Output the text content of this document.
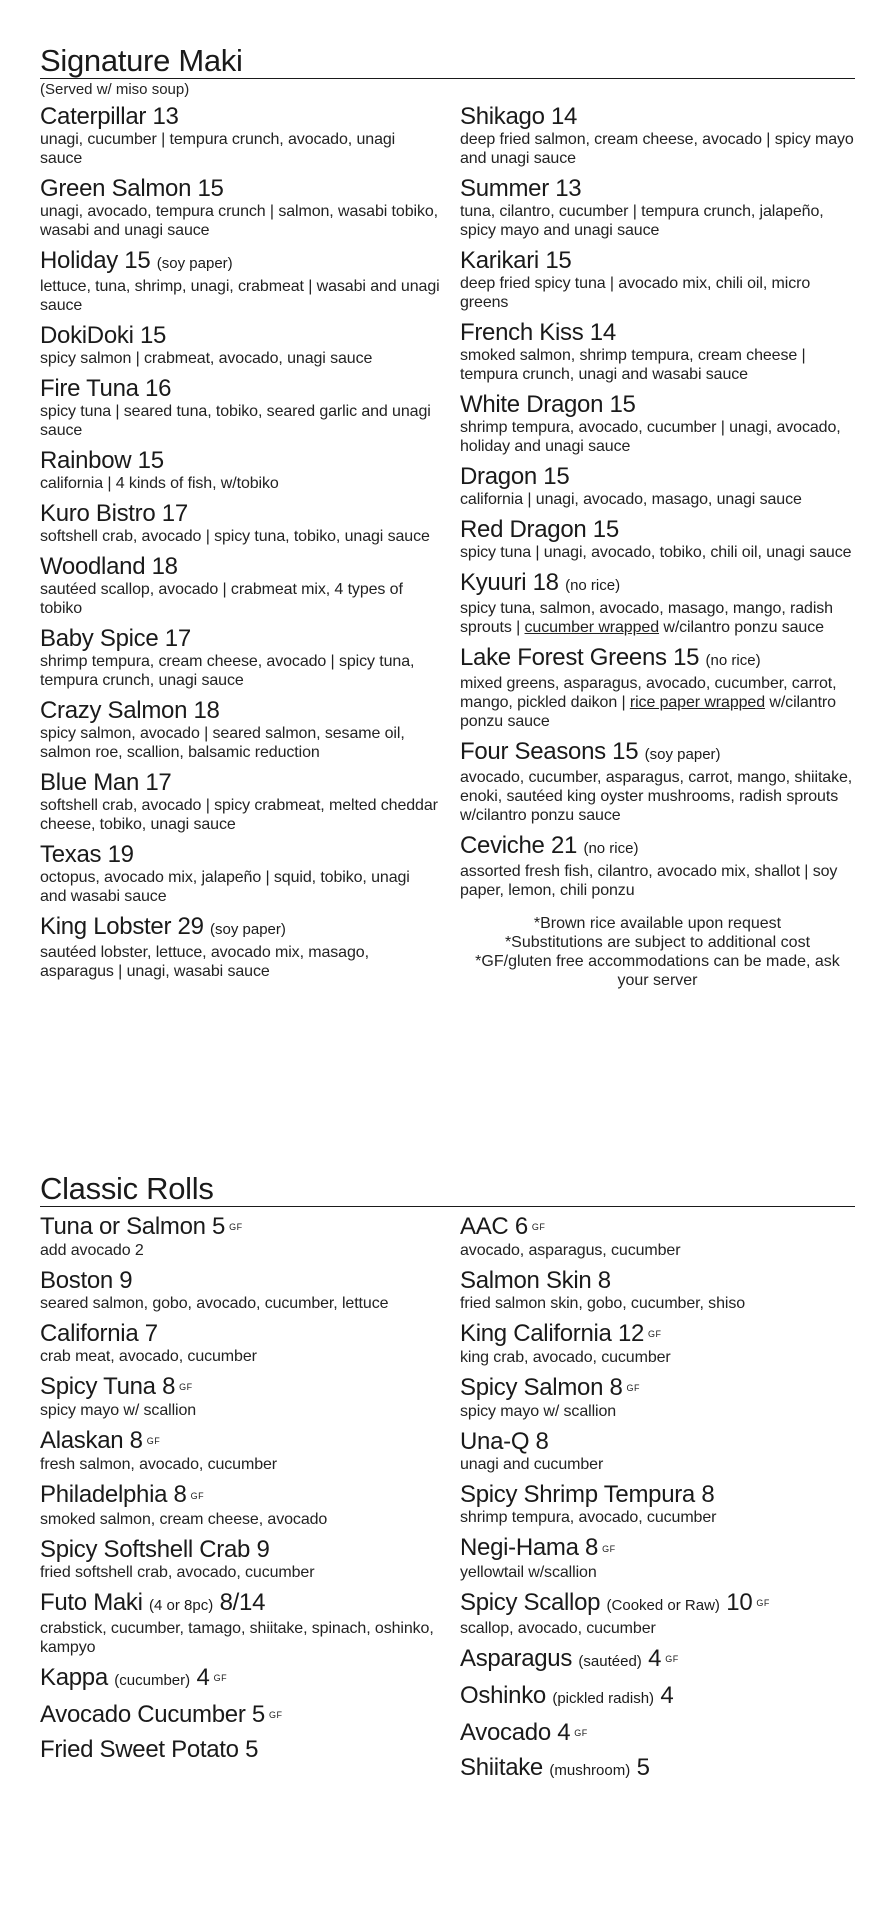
Signature Maki
(Served w/ miso soup)
Caterpillar 13
unagi, cucumber | tempura crunch, avocado, unagi sauce
Green Salmon 15
unagi, avocado, tempura crunch | salmon, wasabi tobiko, wasabi and unagi sauce
Holiday 15 (soy paper)
lettuce, tuna, shrimp, unagi, crabmeat | wasabi and unagi sauce
DokiDoki 15
spicy salmon | crabmeat, avocado, unagi sauce
Fire Tuna 16
spicy tuna | seared tuna, tobiko, seared garlic and unagi sauce
Rainbow 15
california | 4 kinds of fish, w/tobiko
Kuro Bistro 17
softshell crab, avocado | spicy tuna, tobiko, unagi sauce
Woodland 18
sautéed scallop, avocado | crabmeat mix, 4 types of tobiko
Baby Spice 17
shrimp tempura, cream cheese, avocado | spicy tuna, tempura crunch, unagi sauce
Crazy Salmon 18
spicy salmon, avocado | seared salmon, sesame oil, salmon roe, scallion, balsamic reduction
Blue Man 17
softshell crab, avocado | spicy crabmeat, melted cheddar cheese, tobiko, unagi sauce
Texas 19
octopus, avocado mix, jalapeño | squid, tobiko, unagi and wasabi sauce
King Lobster 29 (soy paper)
sautéed lobster, lettuce, avocado mix, masago, asparagus | unagi, wasabi sauce
Shikago 14
deep fried salmon, cream cheese, avocado | spicy mayo and unagi sauce
Summer 13
tuna, cilantro, cucumber | tempura crunch, jalapeño, spicy mayo and unagi sauce
Karikari 15
deep fried spicy tuna | avocado mix, chili oil, micro greens
French Kiss 14
smoked salmon, shrimp tempura, cream cheese | tempura crunch, unagi and wasabi sauce
White Dragon 15
shrimp tempura, avocado, cucumber | unagi, avocado, holiday and unagi sauce
Dragon 15
california | unagi, avocado, masago, unagi sauce
Red Dragon 15
spicy tuna | unagi, avocado, tobiko, chili oil, unagi sauce
Kyuuri 18 (no rice)
spicy tuna, salmon, avocado, masago, mango, radish sprouts | cucumber wrapped w/cilantro ponzu sauce
Lake Forest Greens 15 (no rice)
mixed greens, asparagus, avocado, cucumber, carrot, mango, pickled daikon | rice paper wrapped w/cilantro ponzu sauce
Four Seasons 15 (soy paper)
avocado, cucumber, asparagus, carrot, mango, shiitake, enoki, sautéed king oyster mushrooms, radish sprouts w/cilantro ponzu sauce
Ceviche 21 (no rice)
assorted fresh fish, cilantro, avocado mix, shallot | soy paper, lemon, chili ponzu
*Brown rice available upon request
*Substitutions are subject to additional cost
*GF/gluten free accommodations can be made, ask your server
Classic Rolls
Tuna or Salmon 5 GF
add avocado 2
Boston 9
seared salmon, gobo, avocado, cucumber, lettuce
California 7
crab meat, avocado, cucumber
Spicy Tuna 8 GF
spicy mayo w/ scallion
Alaskan 8 GF
fresh salmon, avocado, cucumber
Philadelphia 8 GF
smoked salmon, cream cheese, avocado
Spicy Softshell Crab 9
fried softshell crab, avocado, cucumber
Futo Maki (4 or 8pc) 8/14
crabstick, cucumber, tamago, shiitake, spinach, oshinko, kampyo
Kappa (cucumber) 4 GF
Avocado Cucumber 5 GF
Fried Sweet Potato 5
AAC 6 GF
avocado, asparagus, cucumber
Salmon Skin 8
fried salmon skin, gobo, cucumber, shiso
King California 12 GF
king crab, avocado, cucumber
Spicy Salmon 8 GF
spicy mayo w/ scallion
Una-Q 8
unagi and cucumber
Spicy Shrimp Tempura 8
shrimp tempura, avocado, cucumber
Negi-Hama 8 GF
yellowtail w/scallion
Spicy Scallop (Cooked or Raw) 10 GF
scallop, avocado, cucumber
Asparagus (sautéed) 4 GF
Oshinko (pickled radish) 4
Avocado 4 GF
Shiitake (mushroom) 5
